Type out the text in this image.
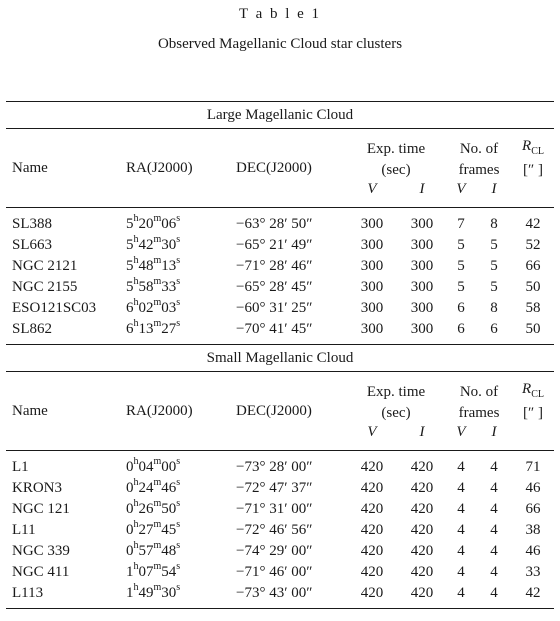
T a b l e 1
Observed Magellanic Cloud star clusters

Large Magellanic Cloud							

Name	RA(J2000)	DEC(J2000)	Exp. time		No. of		$R_{CL}$
			(sec)		frames		[″ ]
			V	I	V	I	

SL388	$5^h20^m06^s$	−63° 28′ 50″	300	300	7	8	42
SL663	$5^h42^m30^s$	−65° 21′ 49″	300	300	5	5	52
NGC 2121	$5^h48^m13^s$	−71° 28′ 46″	300	300	5	5	66
NGC 2155	$5^h58^m33^s$	−65° 28′ 45″	300	300	5	5	50
ESO121SC03	$6^h02^m03^s$	−60° 31′ 25″	300	300	6	8	58
SL862	$6^h13^m27^s$	−70° 41′ 45″	300	300	6	6	50

Small Magellanic Cloud							

Name	RA(J2000)	DEC(J2000)	Exp. time		No. of		$R_{CL}$
			(sec)		frames		[″ ]
			V	I	V	I	

L1	$0^h04^m00^s$	−73° 28′ 00″	420	420	4	4	71
KRON3	$0^h24^m46^s$	−72° 47′ 37″	420	420	4	4	46
NGC 121	$0^h26^m50^s$	−71° 31′ 00″	420	420	4	4	66
L11	$0^h27^m45^s$	−72° 46′ 56″	420	420	4	4	38
NGC 339	$0^h57^m48^s$	−74° 29′ 00″	420	420	4	4	46
NGC 411	$1^h07^m54^s$	−71° 46′ 00″	420	420	4	4	33
L113	$1^h49^m30^s$	−73° 43′ 00″	420	420	4	4	42
